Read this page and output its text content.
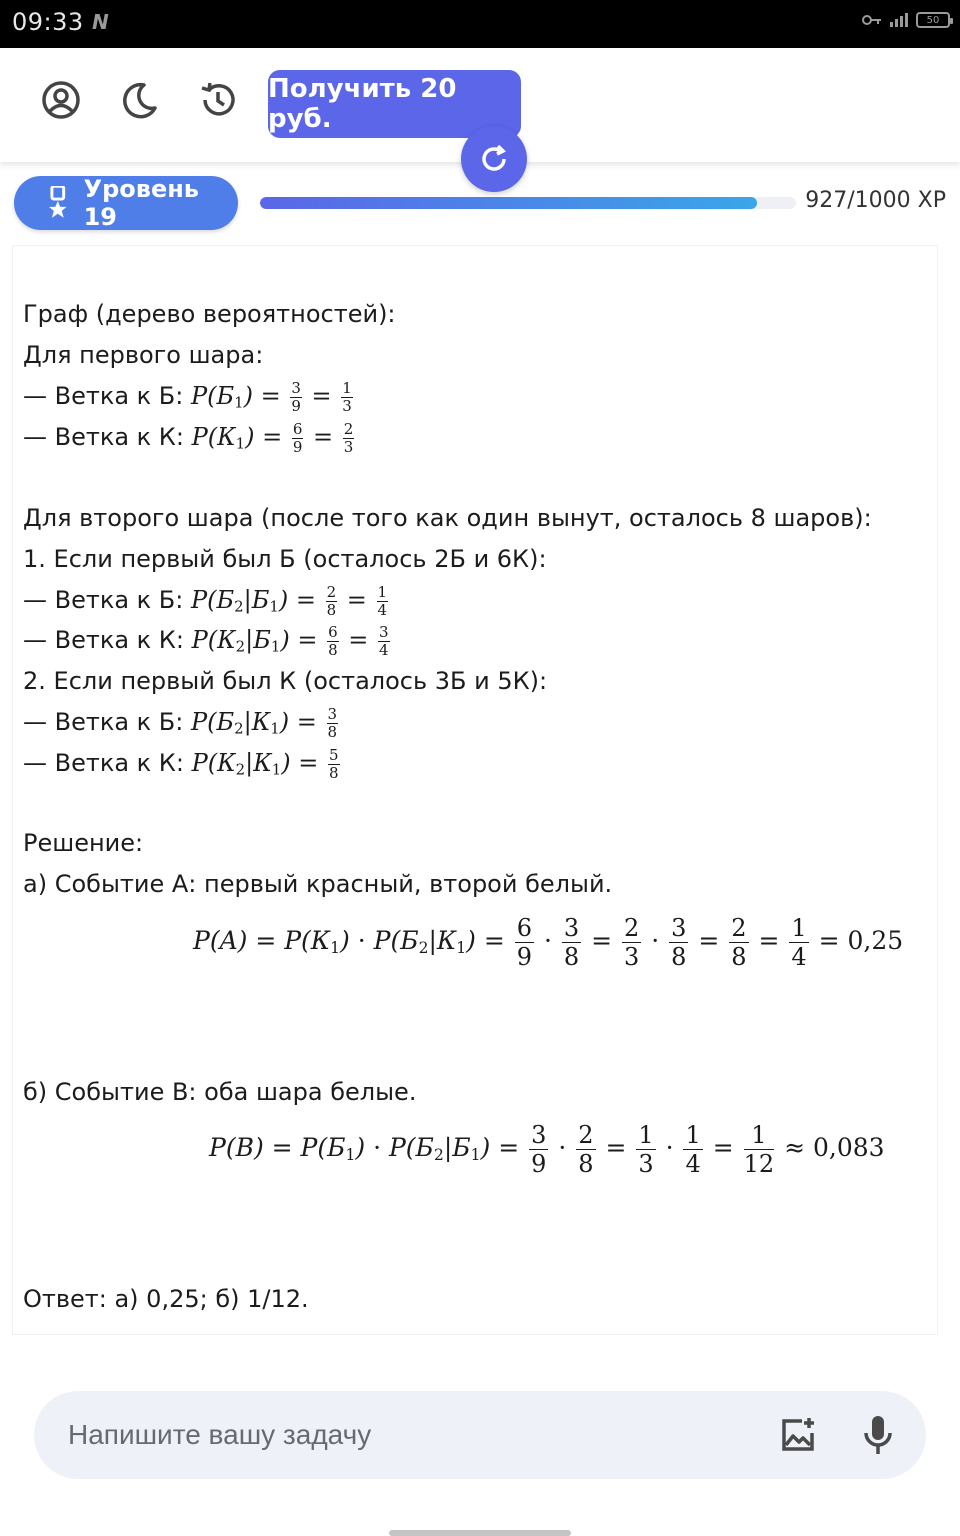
09:33 N	50
Получить 20 руб.
Уровень 19
927/1000 XP
Граф (дерево вероятностей):
Для первого шара:
— Ветка к Б: $P(Б_1) = \frac{3}{9} = \frac{1}{3}$
— Ветка к К: $P(К_1) = \frac{6}{9} = \frac{2}{3}$
Для второго шара (после того как один вынут, осталось 8 шаров):
1. Если первый был Б (осталось 2Б и 6К):
— Ветка к Б: $P(Б_2|Б_1) = \frac{2}{8} = \frac{1}{4}$
— Ветка к К: $P(К_2|Б_1) = \frac{6}{8} = \frac{3}{4}$
2. Если первый был К (осталось 3Б и 5К):
— Ветка к Б: $P(Б_2|К_1) = \frac{3}{8}$
— Ветка к К: $P(К_2|К_1) = \frac{5}{8}$
Решение:
а) Событие А: первый красный, второй белый.
$P(A) = P(К_1) \cdot P(Б_2|К_1) = \frac{6}{9} \cdot \frac{3}{8} = \frac{2}{3} \cdot \frac{3}{8} = \frac{2}{8} = \frac{1}{4} = 0,25$
б) Событие В: оба шара белые.
$P(B) = P(Б_1) \cdot P(Б_2|Б_1) = \frac{3}{9} \cdot \frac{2}{8} = \frac{1}{3} \cdot \frac{1}{4} = \frac{1}{12} \approx 0,083$
Ответ: а) 0,25; б) 1/12.
Напишите вашу задачу
